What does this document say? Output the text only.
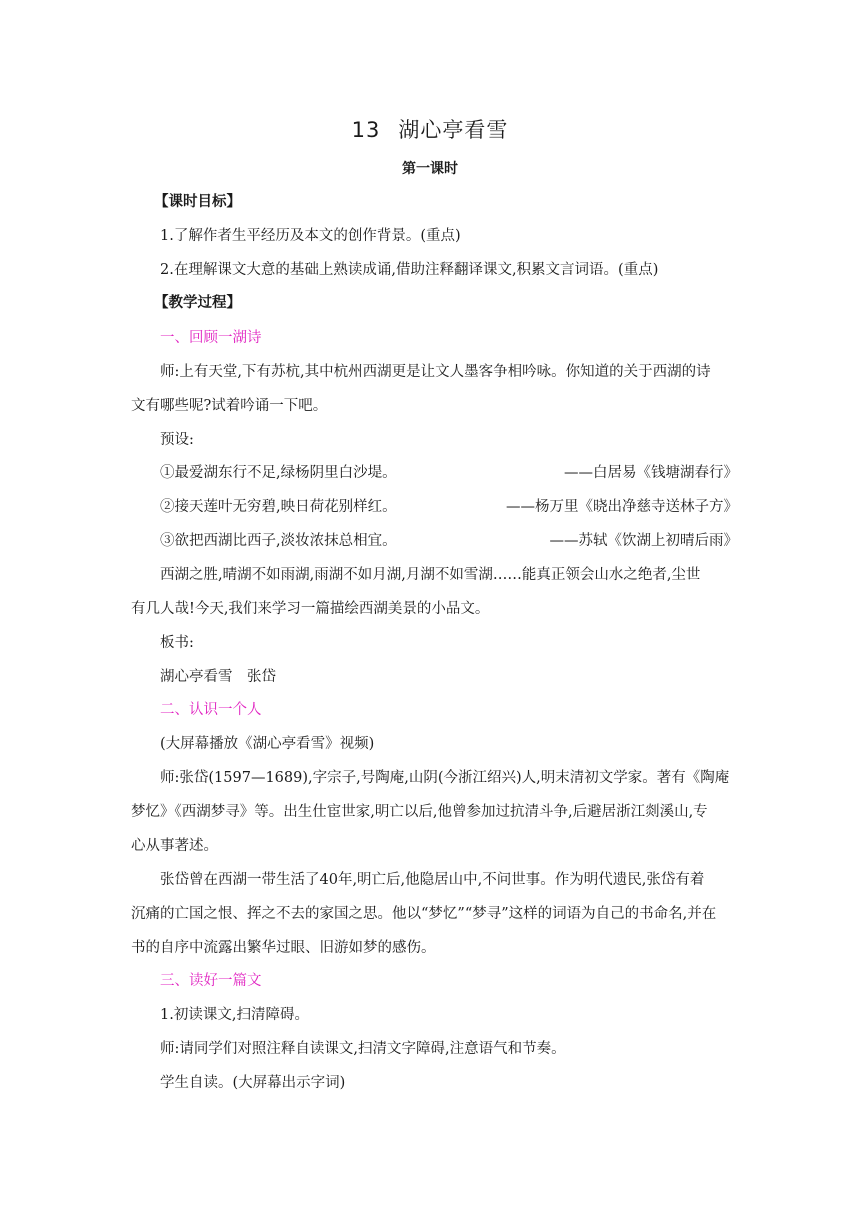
13 湖心亭看雪
第一课时
【课时目标】
1.了解作者生平经历及本文的创作背景。(重点)
2.在理解课文大意的基础上熟读成诵,借助注释翻译课文,积累文言词语。(重点)
【教学过程】
一、回顾一湖诗
师:上有天堂,下有苏杭,其中杭州西湖更是让文人墨客争相吟咏。你知道的关于西湖的诗
文有哪些呢?试着吟诵一下吧。
预设:
①最爱湖东行不足,绿杨阴里白沙堤。	——白居易《钱塘湖春行》
②接天莲叶无穷碧,映日荷花别样红。	——杨万里《晓出净慈寺送林子方》
③欲把西湖比西子,淡妆浓抹总相宜。	——苏轼《饮湖上初晴后雨》
西湖之胜,晴湖不如雨湖,雨湖不如月湖,月湖不如雪湖……能真正领会山水之绝者,尘世
有几人哉!今天,我们来学习一篇描绘西湖美景的小品文。
板书:
湖心亭看雪　张岱
二、认识一个人
(大屏幕播放《湖心亭看雪》视频)
师:张岱(1597—1689),字宗子,号陶庵,山阴(今浙江绍兴)人,明末清初文学家。著有《陶庵
梦忆》《西湖梦寻》等。出生仕宦世家,明亡以后,他曾参加过抗清斗争,后避居浙江剡溪山,专
心从事著述。
张岱曾在西湖一带生活了40年,明亡后,他隐居山中,不问世事。作为明代遗民,张岱有着
沉痛的亡国之恨、挥之不去的家国之思。他以“梦忆”“梦寻”这样的词语为自己的书命名,并在
书的自序中流露出繁华过眼、旧游如梦的感伤。
三、读好一篇文
1.初读课文,扫清障碍。
师:请同学们对照注释自读课文,扫清文字障碍,注意语气和节奏。
学生自读。(大屏幕出示字词)
